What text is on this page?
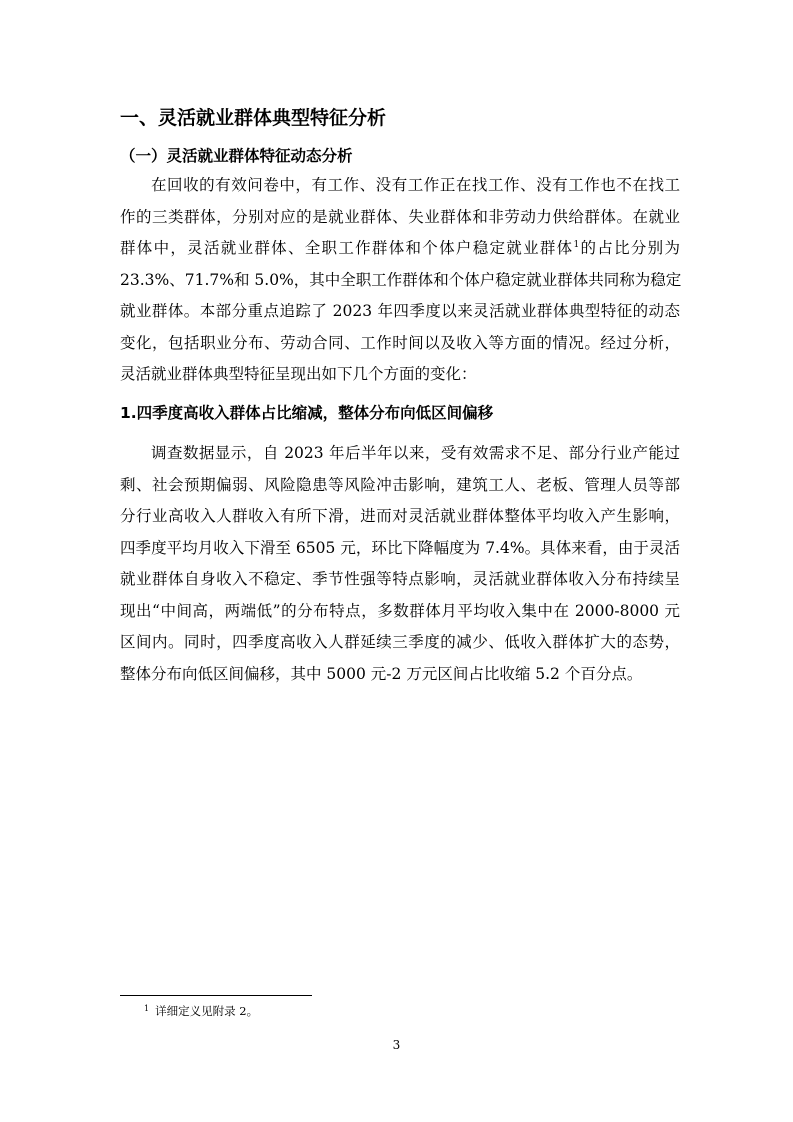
一、灵活就业群体典型特征分析
（一）灵活就业群体特征动态分析
在回收的有效问卷中，有工作、没有工作正在找工作、没有工作也不在找工
作的三类群体，分别对应的是就业群体、失业群体和非劳动力供给群体。在就业
群体中，灵活就业群体、全职工作群体和个体户稳定就业群体$^1$的占比分别为
23.3%、71.7%和 5.0%，其中全职工作群体和个体户稳定就业群体共同称为稳定
就业群体。本部分重点追踪了 2023 年四季度以来灵活就业群体典型特征的动态
变化，包括职业分布、劳动合同、工作时间以及收入等方面的情况。经过分析，
灵活就业群体典型特征呈现出如下几个方面的变化：
1.四季度高收入群体占比缩减，整体分布向低区间偏移
调查数据显示，自 2023 年后半年以来，受有效需求不足、部分行业产能过
剩、社会预期偏弱、风险隐患等风险冲击影响，建筑工人、老板、管理人员等部
分行业高收入人群收入有所下滑，进而对灵活就业群体整体平均收入产生影响，
四季度平均月收入下滑至 6505 元，环比下降幅度为 7.4%。具体来看，由于灵活
就业群体自身收入不稳定、季节性强等特点影响，灵活就业群体收入分布持续呈
现出“中间高，两端低”的分布特点，多数群体月平均收入集中在 2000-8000 元
区间内。同时，四季度高收入人群延续三季度的减少、低收入群体扩大的态势，
整体分布向低区间偏移，其中 5000 元-2 万元区间占比收缩 5.2 个百分点。
$^1$ 详细定义见附录 2。
3
